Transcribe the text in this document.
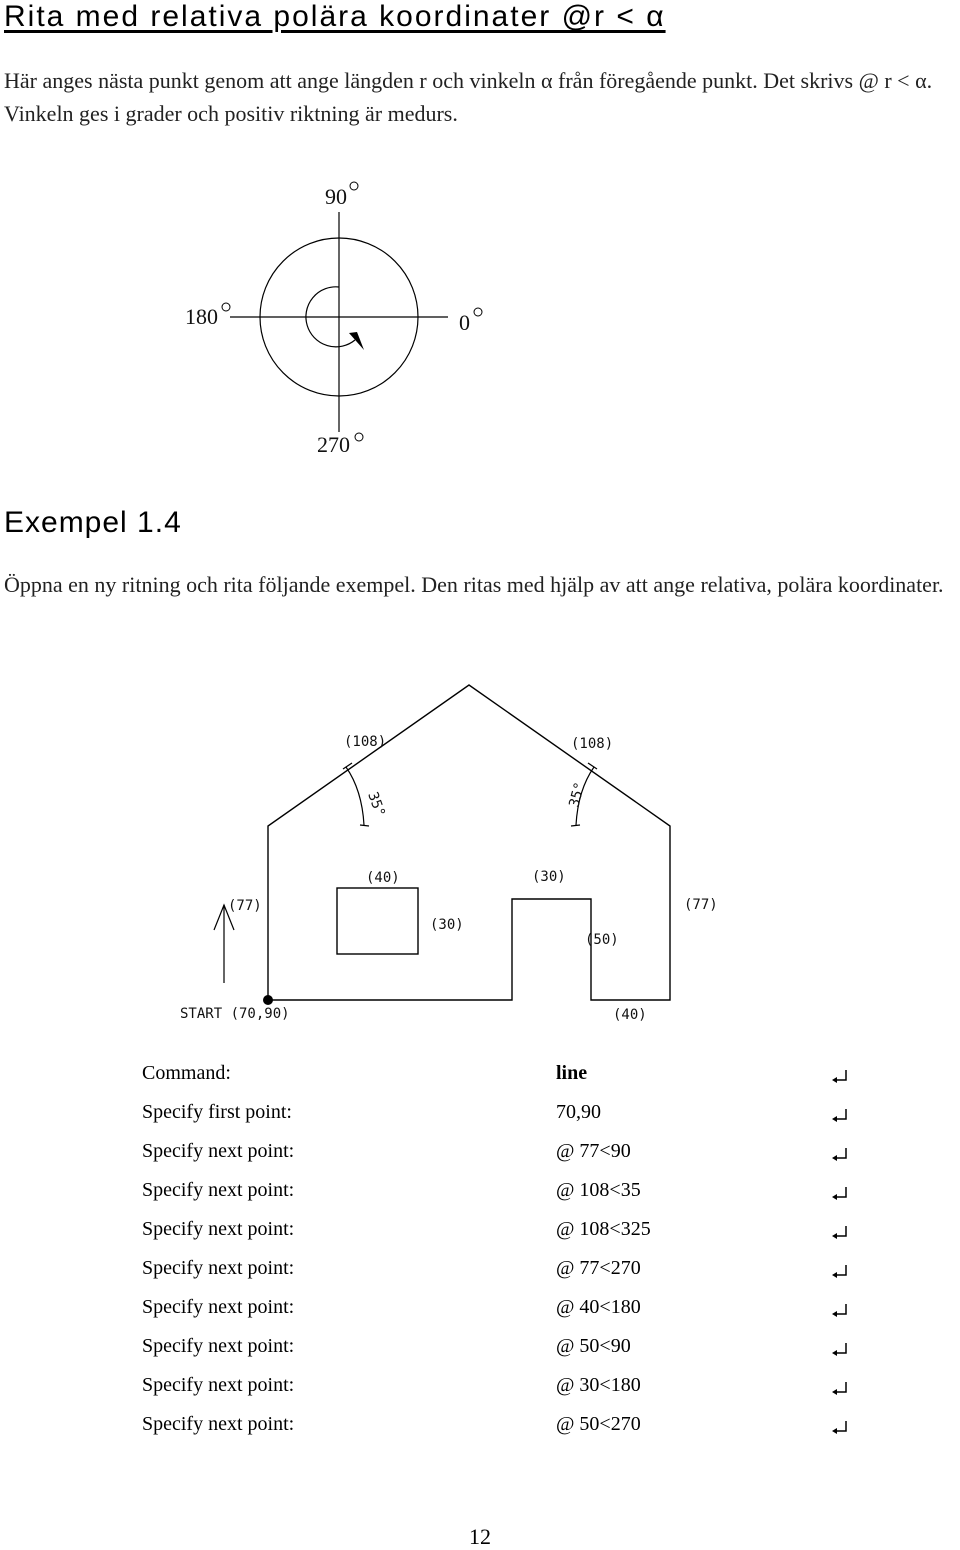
Rita med relativa polära koordinater @r < α

Här anges nästa punkt genom att ange längden r och vinkeln α från föregående punkt. Det skrivs @ r < α. Vinkeln ges i grader och positiv riktning är medurs.

90
180	0
270
Exempel 1.4

Öppna en ny ritning och rita följande exempel. Den ritas med hjälp av att ange relativa, polära koordinater.

(108)	(108)
35°	35°
(77)	(77)
(40)
(30)
(30)
(50)
(40)
START (70,90)
Command:	line
Specify first point:	70,90
Specify next point:	@ 77<90
Specify next point:	@ 108<35
Specify next point:	@ 108<325
Specify next point:	@ 77<270
Specify next point:	@ 40<180
Specify next point:	@ 50<90
Specify next point:	@ 30<180
Specify next point:	@ 50<270
12
